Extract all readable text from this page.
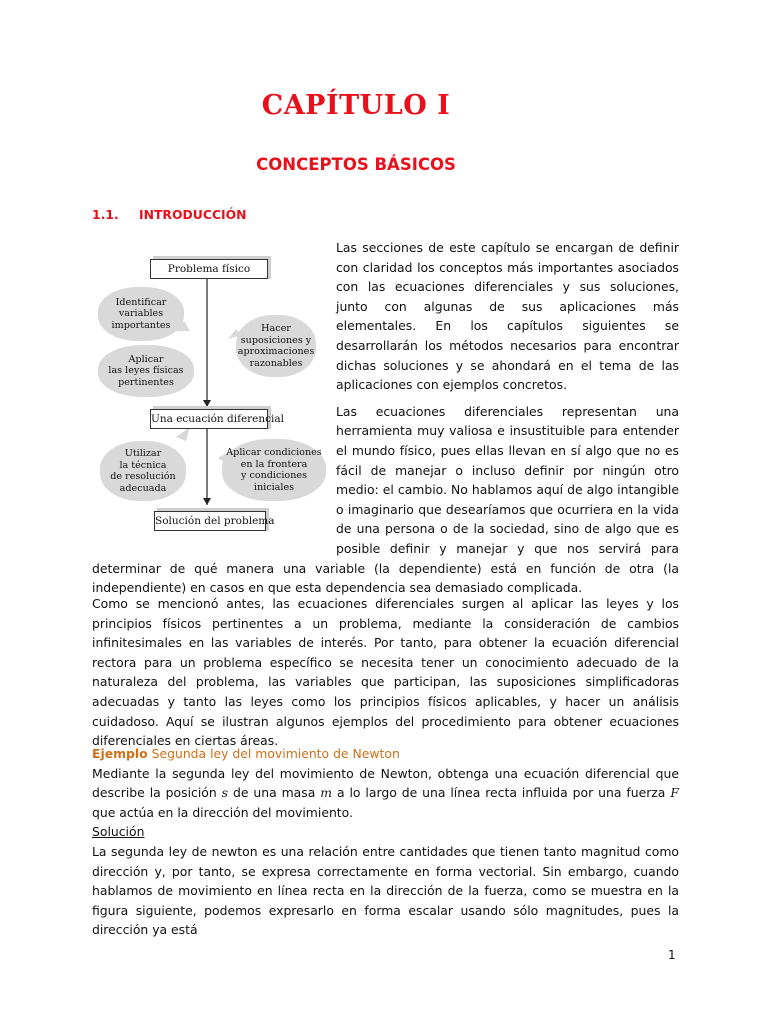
CAPÍTULO I
CONCEPTOS BÁSICOS
1.1. INTRODUCCIÓN

Las secciones de este capítulo se encargan de definir con claridad los conceptos más importantes asociados con las ecuaciones diferenciales y sus soluciones, junto con algunas de sus aplicaciones más elementales. En los capítulos siguientes se desarrollarán los métodos necesarios para encontrar dichas soluciones y se ahondará en el tema de las aplicaciones con ejemplos concretos.

Las ecuaciones diferenciales representan una herramienta muy valiosa e insustituible para entender el mundo físico, pues ellas llevan en sí algo que no es fácil de manejar o incluso definir por ningún otro medio: el cambio. No hablamos aquí de algo intangible o imaginario que desearíamos que ocurriera en la vida de una persona o de la sociedad, sino de algo que es posible definir y manejar y que nos servirá para determinar de qué manera una variable (la dependiente) está en función de otra (la independiente) en casos en que esta dependencia sea demasiado complicada.

Problema físico
Una ecuación diferencial
Solución del problema
Identificar
variables
importantes	Hacer
suposiciones y
aproximaciones
razonables
Aplicar
las leyes físicas
pertinentes
Utilizar
la técnica
de resolución
adecuada
Aplicar condiciones
en la frontera
y condiciones
iniciales

Como se mencionó antes, las ecuaciones diferenciales surgen al aplicar las leyes y los principios físicos pertinentes a un problema, mediante la consideración de cambios infinitesimales en las variables de interés. Por tanto, para obtener la ecuación diferencial rectora para un problema específico se necesita tener un conocimiento adecuado de la naturaleza del problema, las variables que participan, las suposiciones simplificadoras adecuadas y tanto las leyes como los principios físicos aplicables, y hacer un análisis cuidadoso. Aquí se ilustran algunos ejemplos del procedimiento para obtener ecuaciones diferenciales en ciertas áreas.

Ejemplo Segunda ley del movimiento de Newton
Mediante la segunda ley del movimiento de Newton, obtenga una ecuación diferencial que describe la posición s de una masa m a lo largo de una línea recta influida por una fuerza F que actúa en la dirección del movimiento.
Solución
La segunda ley de newton es una relación entre cantidades que tienen tanto magnitud como dirección y, por tanto, se expresa correctamente en forma vectorial. Sin embargo, cuando hablamos de movimiento en línea recta en la dirección de la fuerza, como se muestra en la figura siguiente, podemos expresarlo en forma escalar usando sólo magnitudes, pues la dirección ya está

1
